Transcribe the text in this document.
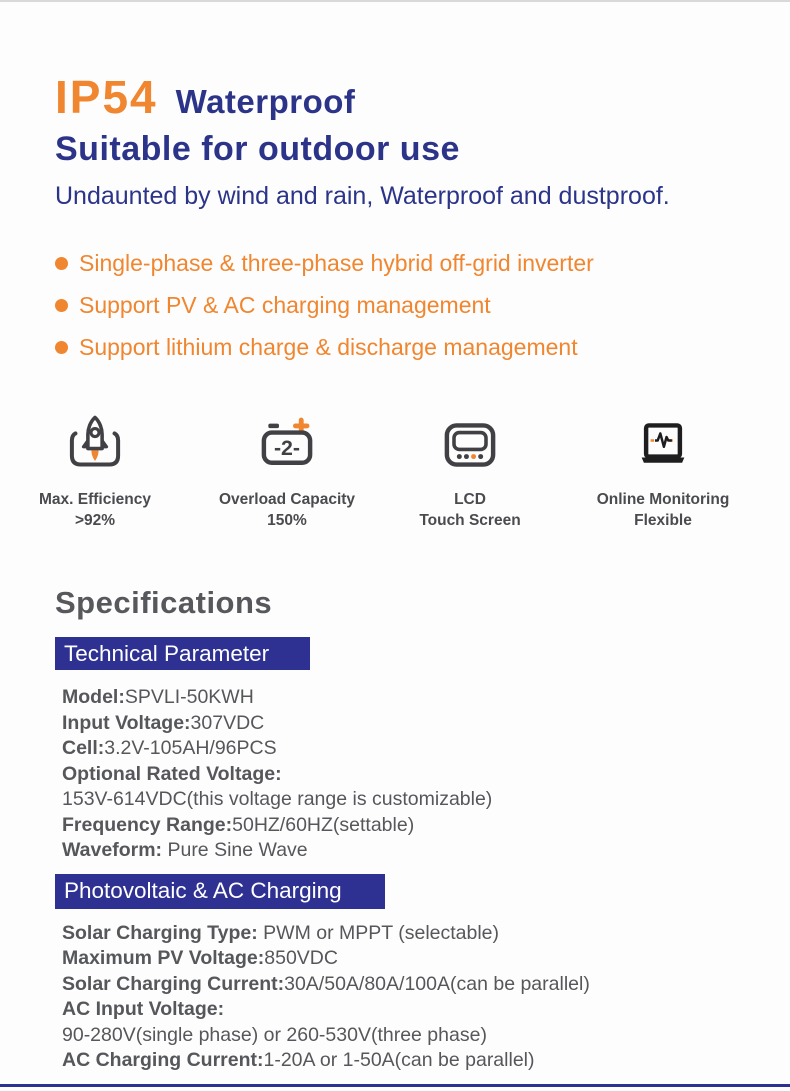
IP54 Waterproof
Suitable for outdoor use
Undaunted by wind and rain, Waterproof and dustproof.
Single-phase & three-phase hybrid off-grid inverter
Support PV & AC charging management
Support lithium charge & discharge management
Max. Efficiency
>92%
-2-
Overload Capacity
150%
LCD
Touch Screen
Online Monitoring
Flexible
Specifications
Technical Parameter
Model:SPVLI-50KWH
Input Voltage:307VDC
Cell:3.2V-105AH/96PCS
Optional Rated Voltage:
153V-614VDC(this voltage range is customizable)
Frequency Range:50HZ/60HZ(settable)
Waveform: Pure Sine Wave
Photovoltaic & AC Charging
Solar Charging Type: PWM or MPPT (selectable)
Maximum PV Voltage:850VDC
Solar Charging Current:30A/50A/80A/100A(can be parallel)
AC Input Voltage:
90-280V(single phase) or 260-530V(three phase)
AC Charging Current:1-20A or 1-50A(can be parallel)
